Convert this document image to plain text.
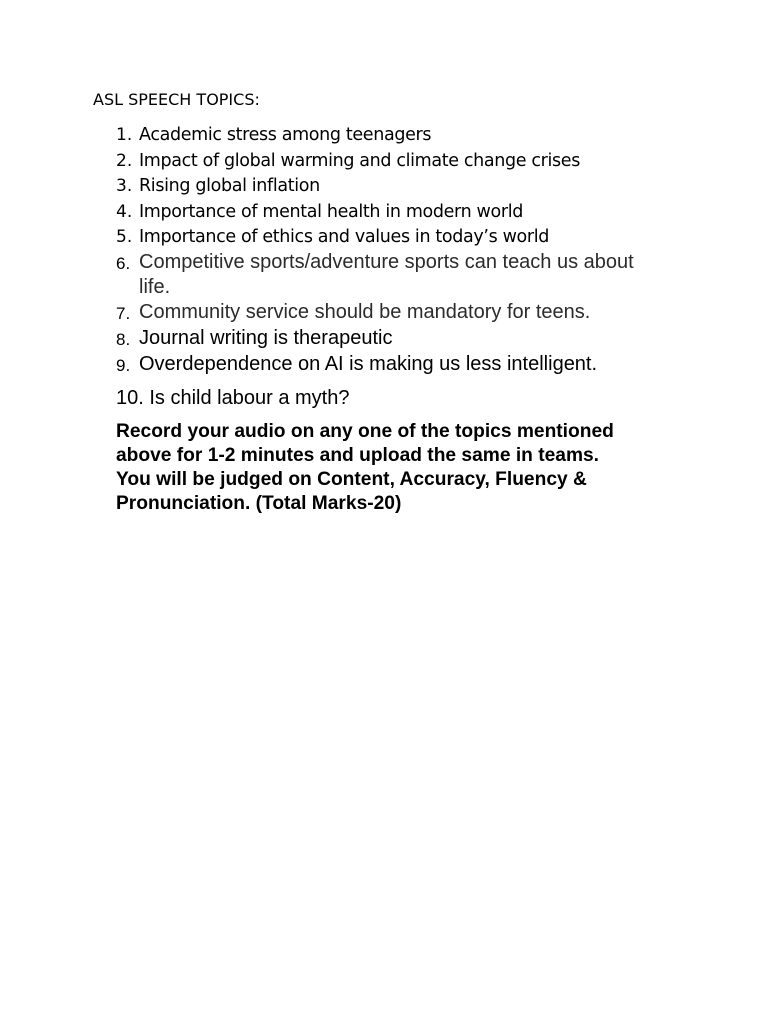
ASL SPEECH TOPICS:
1. Academic stress among teenagers
2. Impact of global warming and climate change crises
3. Rising global inflation
4. Importance of mental health in modern world
5. Importance of ethics and values in today’s world
6. Competitive sports/adventure sports can teach us about
life.
7. Community service should be mandatory for teens.
8. Journal writing is therapeutic
9. Overdependence on AI is making us less intelligent.
10. Is child labour a myth?
Record your audio on any one of the topics mentioned
above for 1-2 minutes and upload the same in teams.
You will be judged on Content, Accuracy, Fluency &
Pronunciation. (Total Marks-20)
